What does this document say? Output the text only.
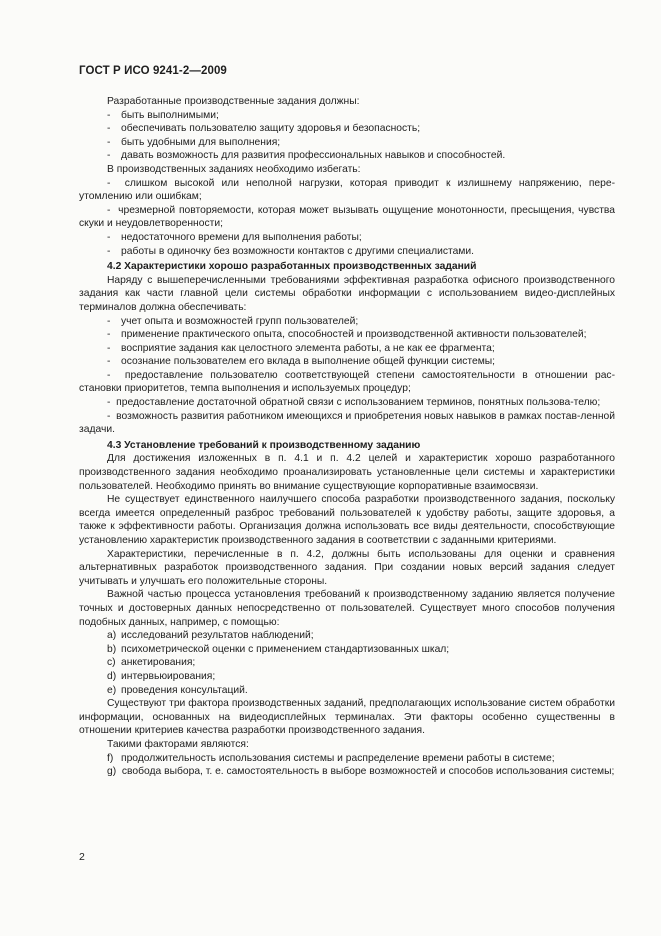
ГОСТ Р ИСО 9241-2—2009

Разработанные производственные задания должны:

- быть выполнимыми;

- обеспечивать пользователю защиту здоровья и безопасность;

- быть удобными для выполнения;

- давать возможность для развития профессиональных навыков и способностей.

В производственных заданиях необходимо избегать:

-  слишком высокой или неполной нагрузки, которая приводит к излишнему напряжению, пере-утомлению или ошибкам;

-  чрезмерной повторяемости, которая может вызывать ощущение монотонности, пресыщения, чувства скуки и неудовлетворенности;

- недостаточного времени для выполнения работы;

- работы в одиночку без возможности контактов с другими специалистами.

4.2 Характеристики хорошо разработанных производственных заданий

Наряду с вышеперечисленными требованиями эффективная разработка офисного производственного задания как части главной цели системы обработки информации с использованием видео-дисплейных терминалов должна обеспечивать:

- учет опыта и возможностей групп пользователей;

- применение практического опыта, способностей и производственной активности пользователей;

- восприятие задания как целостного элемента работы, а не как ее фрагмента;

- осознание пользователем его вклада в выполнение общей функции системы;

-  предоставление пользователю соответствующей степени самостоятельности в отношении рас-становки приоритетов, темпа выполнения и используемых процедур;

-  предоставление достаточной обратной связи с использованием терминов, понятных пользова-телю;

-  возможность развития работником имеющихся и приобретения новых навыков в рамках постав-ленной задачи.

4.3 Установление требований к производственному заданию

Для достижения изложенных в п. 4.1 и п. 4.2 целей и характеристик хорошо разработанного производственного задания необходимо проанализировать установленные цели системы и характеристики пользователей. Необходимо принять во внимание существующие корпоративные взаимосвязи.

Не существует единственного наилучшего способа разработки производственного задания, поскольку всегда имеется определенный разброс требований пользователей к удобству работы, защите здоровья, а также к эффективности работы. Организация должна использовать все виды деятельности, способствующие установлению характеристик производственного задания в соответствии с заданными критериями.

Характеристики, перечисленные в п. 4.2, должны быть использованы для оценки и сравнения альтернативных разработок производственного задания. При создании новых версий задания следует учитывать и улучшать его положительные стороны.

Важной частью процесса установления требований к производственному заданию является получение точных и достоверных данных непосредственно от пользователей. Существует много способов получения подобных данных, например, с помощью:

a) исследований результатов наблюдений;

b) психометрической оценки с применением стандартизованных шкал;

c) анкетирования;

d) интервьюирования;

e) проведения консультаций.

Существуют три фактора производственных заданий, предполагающих использование систем обработки информации, основанных на видеодисплейных терминалах. Эти факторы особенно существенны в отношении критериев качества разработки производственного задания.

Такими факторами являются:

f) продолжительность использования системы и распределение времени работы в системе;

g) свобода выбора, т. е. самостоятельность в выборе возможностей и способов использования системы;

2
